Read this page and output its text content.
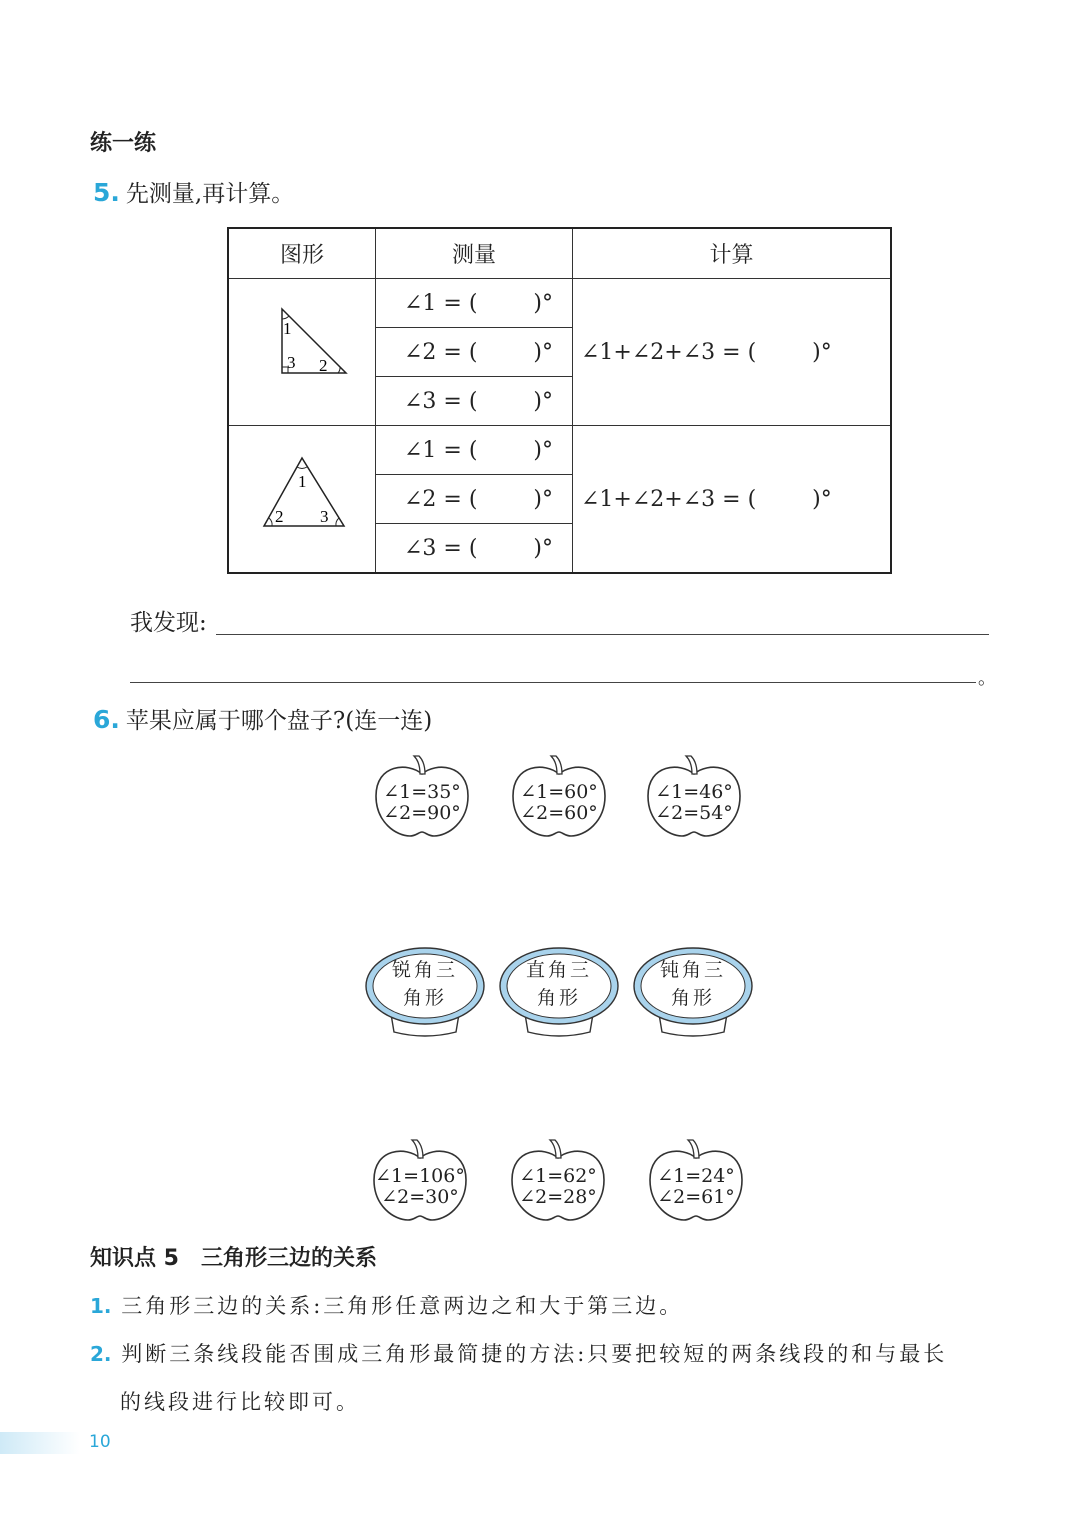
练一练
5. 先测量,再计算。
图形	测量	计算

1
3 2	∠1 = (        )°	∠1+∠2+∠3 = (        )°
	∠2 = (        )°	
	∠3 = (        )°	

1
2 3	∠1 = (        )°	∠1+∠2+∠3 = (        )°
	∠2 = (        )°	
	∠3 = (        )°	
我发现:
。
6. 苹果应属于哪个盘子?(连一连)
∠1=35°
∠2=90°
∠1=60°
∠2=60°
∠1=46°
∠2=54°
锐角三
角形
直角三
角形
钝角三
角形
∠1=106°
∠2=30°
∠1=62°
∠2=28°
∠1=24°
∠2=61°
知识点 5　三角形三边的关系
1. 三角形三边的关系:三角形任意两边之和大于第三边。
2. 判断三条线段能否围成三角形最简捷的方法:只要把较短的两条线段的和与最长
的线段进行比较即可。
10
